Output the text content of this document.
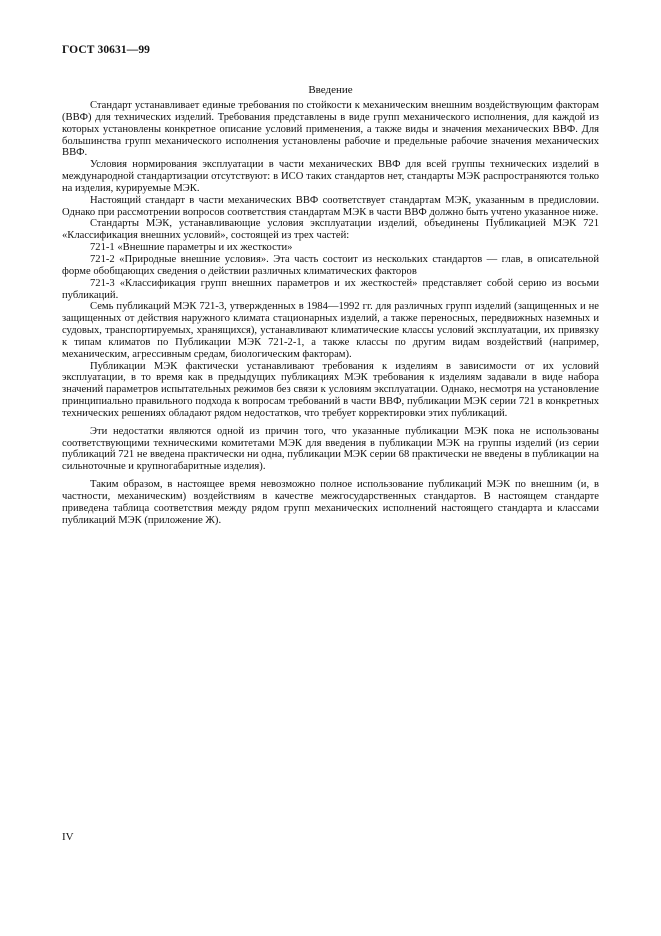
ГОСТ 30631—99
Введение

Стандарт устанавливает единые требования по стойкости к механическим внешним воздействующим факторам (ВВФ) для технических изделий. Требования представлены в виде групп механического исполнения, для каждой из которых установлены конкретное описание условий применения, а также виды и значения механических ВВФ. Для большинства групп механического исполнения установлены рабочие и предельные рабочие значения механических ВВФ.

Условия нормирования эксплуатации в части механических ВВФ для всей группы технических изделий в международной стандартизации отсутствуют: в ИСО таких стандартов нет, стандарты МЭК распространяются только на изделия, курируемые МЭК.

Настоящий стандарт в части механических ВВФ соответствует стандартам МЭК, указанным в предисловии. Однако при рассмотрении вопросов соответствия стандартам МЭК в части ВВФ должно быть учтено указанное ниже.

Стандарты МЭК, устанавливающие условия эксплуатации изделий, объединены Публикацией МЭК 721 «Классификация внешних условий», состоящей из трех частей:

721-1 «Внешние параметры и их жесткости»

721-2 «Природные внешние условия». Эта часть состоит из нескольких стандартов — глав, в описательной форме обобщающих сведения о действии различных климатических факторов

721-3 «Классификация групп внешних параметров и их жесткостей» представляет собой серию из восьми публикаций.

Семь публикаций МЭК 721-3, утвержденных в 1984—1992 гг. для различных групп изделий (защищенных и не защищенных от действия наружного климата стационарных изделий, а также переносных, передвижных наземных и судовых, транспортируемых, хранящихся), устанавливают климатические классы условий эксплуатации, их привязку к типам климатов по Публикации МЭК 721-2-1, а также классы по другим видам воздействий (например, механическим, агрессивным средам, биологическим факторам).

Публикации МЭК фактически устанавливают требования к изделиям в зависимости от их условий эксплуатации, в то время как в предыдущих публикациях МЭК требования к изделиям задавали в виде набора значений параметров испытательных режимов без связи к условиям эксплуатации. Однако, несмотря на установление принципиально правильного подхода к вопросам требований в части ВВФ, публикации МЭК серии 721 в конкретных технических решениях обладают рядом недостатков, что требует корректировки этих публикаций.

Эти недостатки являются одной из причин того, что указанные публикации МЭК пока не использованы соответствующими техническими комитетами МЭК для введения в публикации МЭК на группы изделий (из серии публикаций 721 не введена практически ни одна, публикации МЭК серии 68 практически не введены в публикации на сильноточные и крупногабаритные изделия).

Таким образом, в настоящее время невозможно полное использование публикаций МЭК по внешним (и, в частности, механическим) воздействиям в качестве межгосударственных стандартов. В настоящем стандарте приведена таблица соответствия между рядом групп механических исполнений настоящего стандарта и классами публикаций МЭК (приложение Ж).

IV
